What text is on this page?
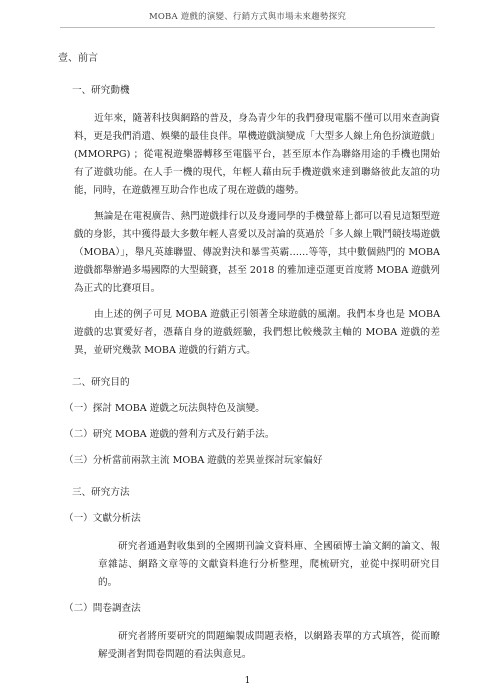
MOBA 遊戲的演變、行銷方式與市場未來趨勢探究
壹、前言
一、研究動機

近年來，隨著科技與網路的普及，身為青少年的我們發現電腦不僅可以用來查詢資料，更是我們消遣、娛樂的最佳良伴。單機遊戲演變成「大型多人線上角色扮演遊戲」(MMORPG) ；從電視遊樂器轉移至電腦平台，甚至原本作為聯絡用途的手機也開始有了遊戲功能。在人手一機的現代，年輕人藉由玩手機遊戲來達到聯絡彼此友誼的功能，同時，在遊戲裡互助合作也成了現在遊戲的趨勢。

無論是在電視廣告、熱門遊戲排行以及身邊同學的手機螢幕上都可以看見這類型遊戲的身影，其中獲得最大多數年輕人喜愛以及討論的莫過於「多人線上戰鬥競技場遊戲（MOBA）」，舉凡英雄聯盟、傳說對決和暴雪英霸……等等，其中數個熱門的 MOBA 遊戲都舉辦過多場國際的大型競賽，甚至 2018 的雅加達亞運更首度將 MOBA 遊戲列為正式的比賽項目。

由上述的例子可見 MOBA 遊戲正引領著全球遊戲的風潮。我們本身也是 MOBA 遊戲的忠實愛好者，憑藉自身的遊戲經驗，我們想比較幾款主軸的 MOBA 遊戲的差異，並研究幾款 MOBA 遊戲的行銷方式。

二、研究目的
（一）探討 MOBA 遊戲之玩法與特色及演變。
（二）研究 MOBA 遊戲的營利方式及行銷手法。
（三）分析當前兩款主流 MOBA 遊戲的差異並探討玩家偏好
三、研究方法
（一）文獻分析法

研究者通過對收集到的全國期刊論文資料庫、全國碩博士論文網的論文、報章雜誌、網路文章等的文獻資料進行分析整理，爬梳研究，並從中探明研究目的。

（二）問卷調查法

研究者將所要研究的問題編製成問題表格，以網路表單的方式填答，從而瞭解受測者對問卷問題的看法與意見。

1
